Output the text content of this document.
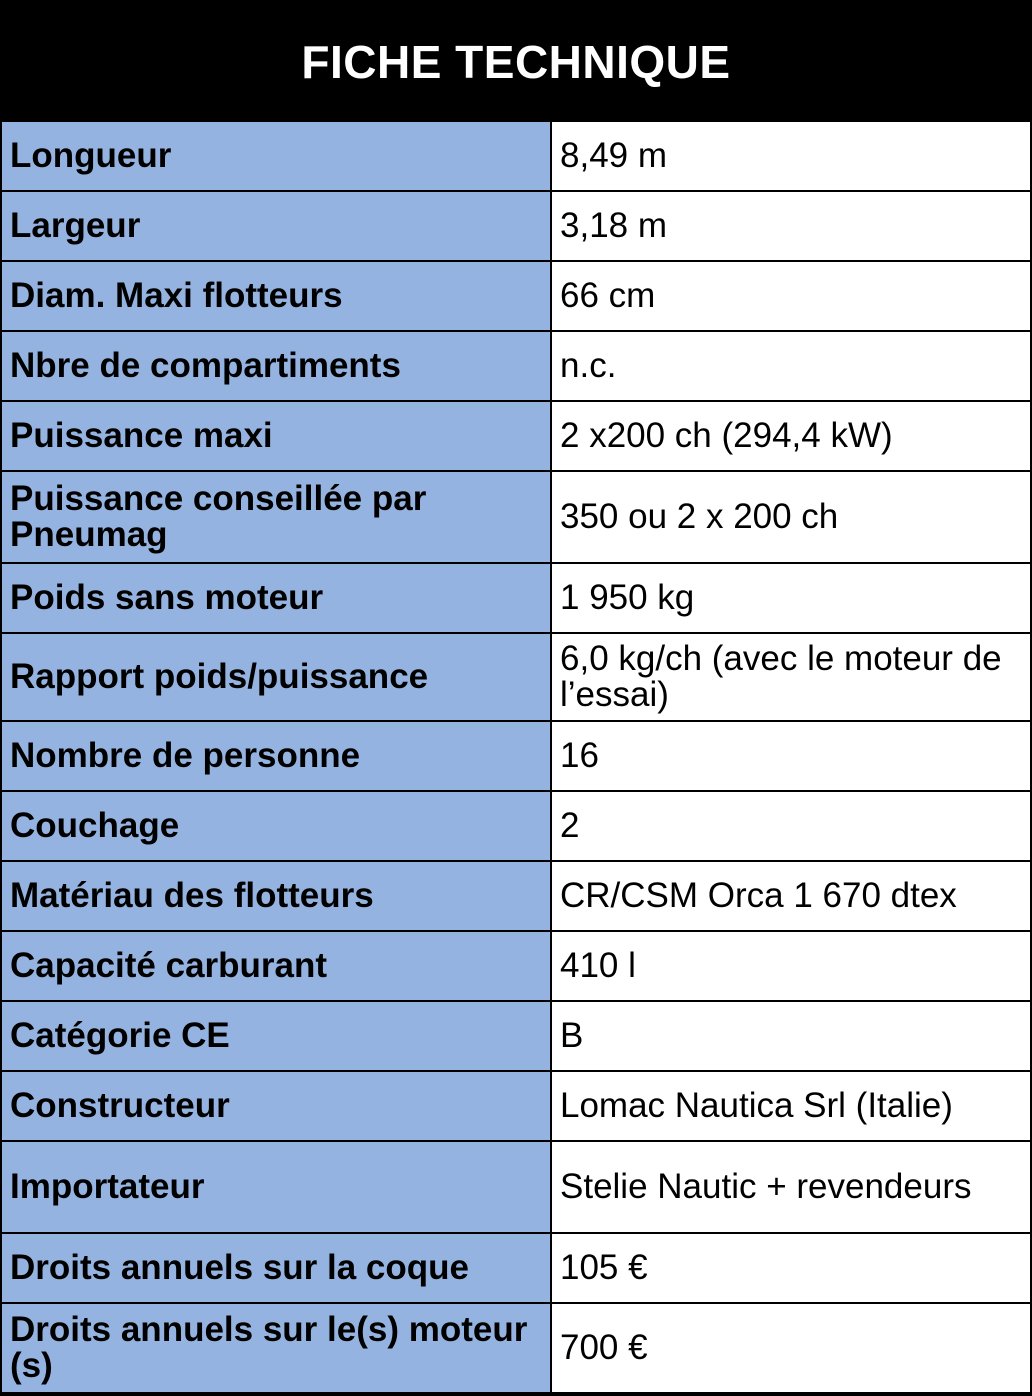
FICHE TECHNIQUE
Longueur	8,49 m
Largeur	3,18 m
Diam. Maxi flotteurs	66 cm
Nbre de compartiments	n.c.
Puissance maxi	2 x200 ch (294,4 kW)
Puissance conseillée par Pneumag	350 ou 2 x 200 ch
Poids sans moteur	1 950 kg
Rapport poids/puissance	6,0 kg/ch (avec le moteur de l’essai)
Nombre de personne	16
Couchage	2
Matériau des flotteurs	CR/CSM Orca 1 670 dtex
Capacité carburant	410 l
Catégorie CE	B
Constructeur	Lomac Nautica Srl (Italie)
Importateur	Stelie Nautic + revendeurs
Droits annuels sur la coque	105 €
Droits annuels sur le(s) moteur (s)	700 €
